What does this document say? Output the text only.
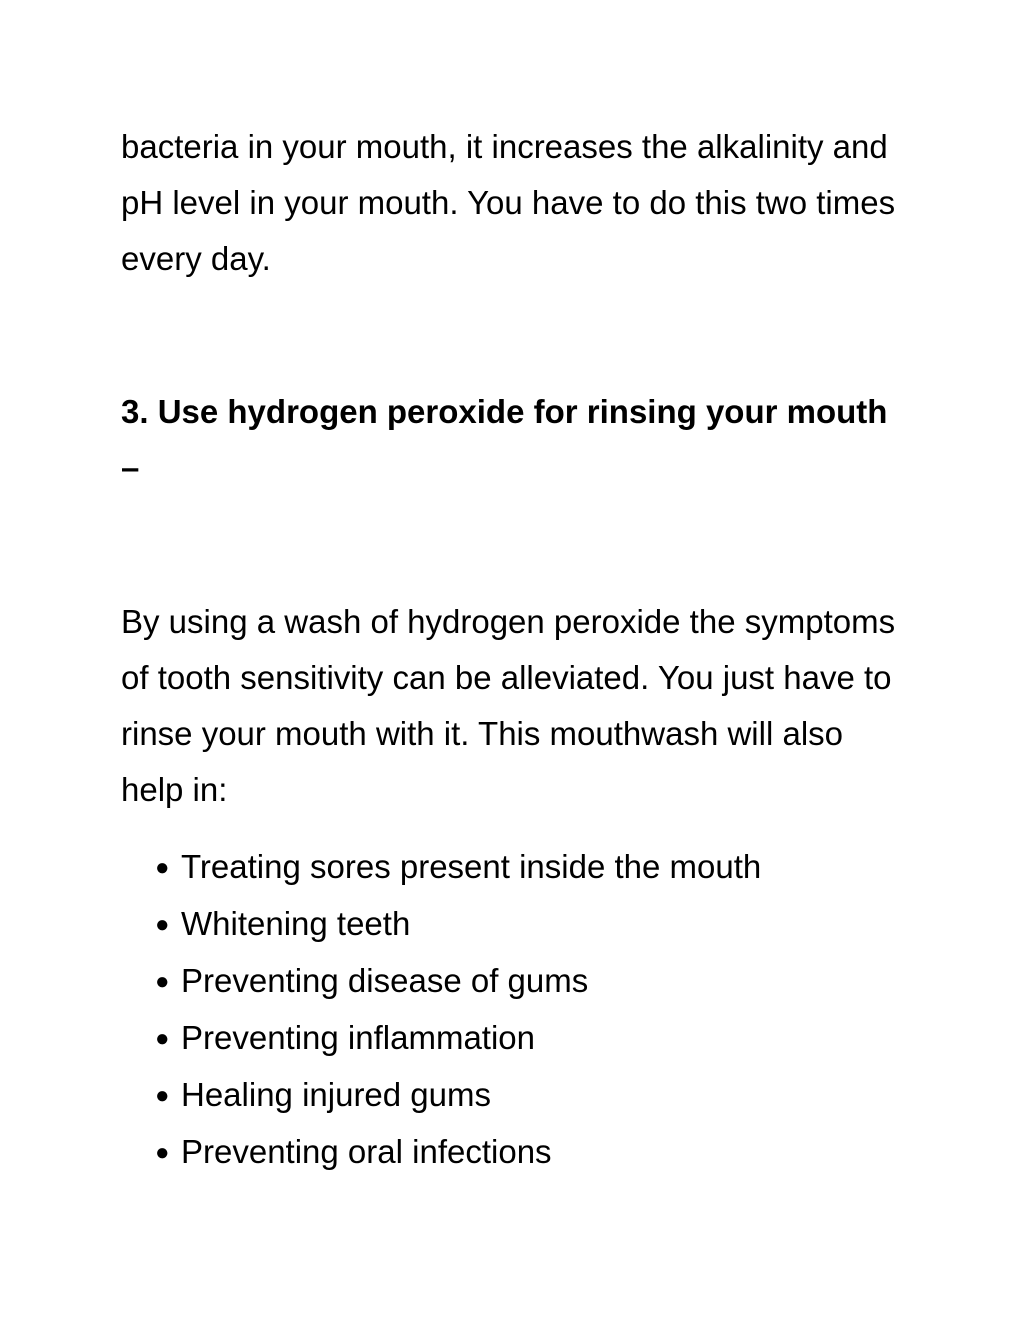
bacteria in your mouth, it increases the alkalinity and pH level in your mouth. You have to do this two times every day.

3. Use hydrogen peroxide for rinsing your mouth –

By using a wash of hydrogen peroxide the symptoms of tooth sensitivity can be alleviated. You just have to rinse your mouth with it. This mouthwash will also help in:

● Treating sores present inside the mouth
● Whitening teeth
● Preventing disease of gums
● Preventing inflammation
● Healing injured gums
● Preventing oral infections
